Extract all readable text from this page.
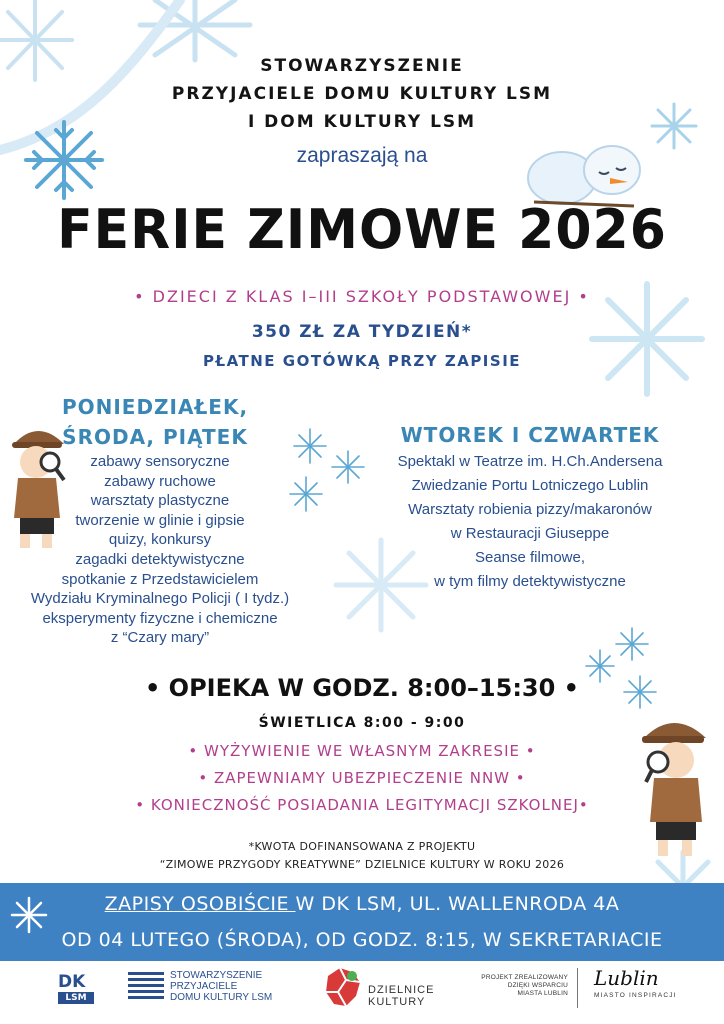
STOWARZYSZENIE
PRZYJACIELE DOMU KULTURY LSM
I DOM KULTURY LSM
zapraszają na
FERIE ZIMOWE 2026
• DZIECI Z KLAS I–III SZKOŁY PODSTAWOWEJ •
350 ZŁ ZA TYDZIEŃ*
PŁATNE GOTÓWKĄ PRZY ZAPISIE
PONIEDZIAŁEK,
ŚRODA, PIĄTEK
zabawy sensoryczne
zabawy ruchowe
warsztaty plastyczne
tworzenie w glinie i gipsie
quizy, konkursy
zagadki detektywistyczne
spotkanie z Przedstawicielem
Wydziału Kryminalnego Policji ( I tydz.)
eksperymenty fizyczne i chemiczne
z “Czary mary”
WTOREK I CZWARTEK
Spektakl w Teatrze im. H.Ch.Andersena
Zwiedzanie Portu Lotniczego Lublin
Warsztaty robienia pizzy/makaronów
w Restauracji Giuseppe
Seanse filmowe,
w tym filmy detektywistyczne
• OPIEKA W GODZ. 8:00–15:30 •
ŚWIETLICA 8:00 - 9:00
• WYŻYWIENIE WE WŁASNYM ZAKRESIE •
• ZAPEWNIAMY UBEZPIECZENIE NNW •
• KONIECZNOŚĆ POSIADANIA LEGITYMACJI SZKOLNEJ•
*KWOTA DOFINANSOWANA Z PROJEKTU
“ZIMOWE PRZYGODY KREATYWNE” DZIELNICE KULTURY W ROKU 2026
ZAPISY OSOBIŚCIE W DK LSM, UL. WALLENRODA 4A
OD 04 LUTEGO (ŚRODA), OD GODZ. 8:15, W SEKRETARIACIE
DK
LSM
STOWARZYSZENIE
PRZYJACIELE
DOMU KULTURY LSM
DZIELNICE
KULTURY
PROJEKT ZREALIZOWANY
DZIĘKI WSPARCIU
MIASTA LUBLIN
Lublin
MIASTO INSPIRACJI
